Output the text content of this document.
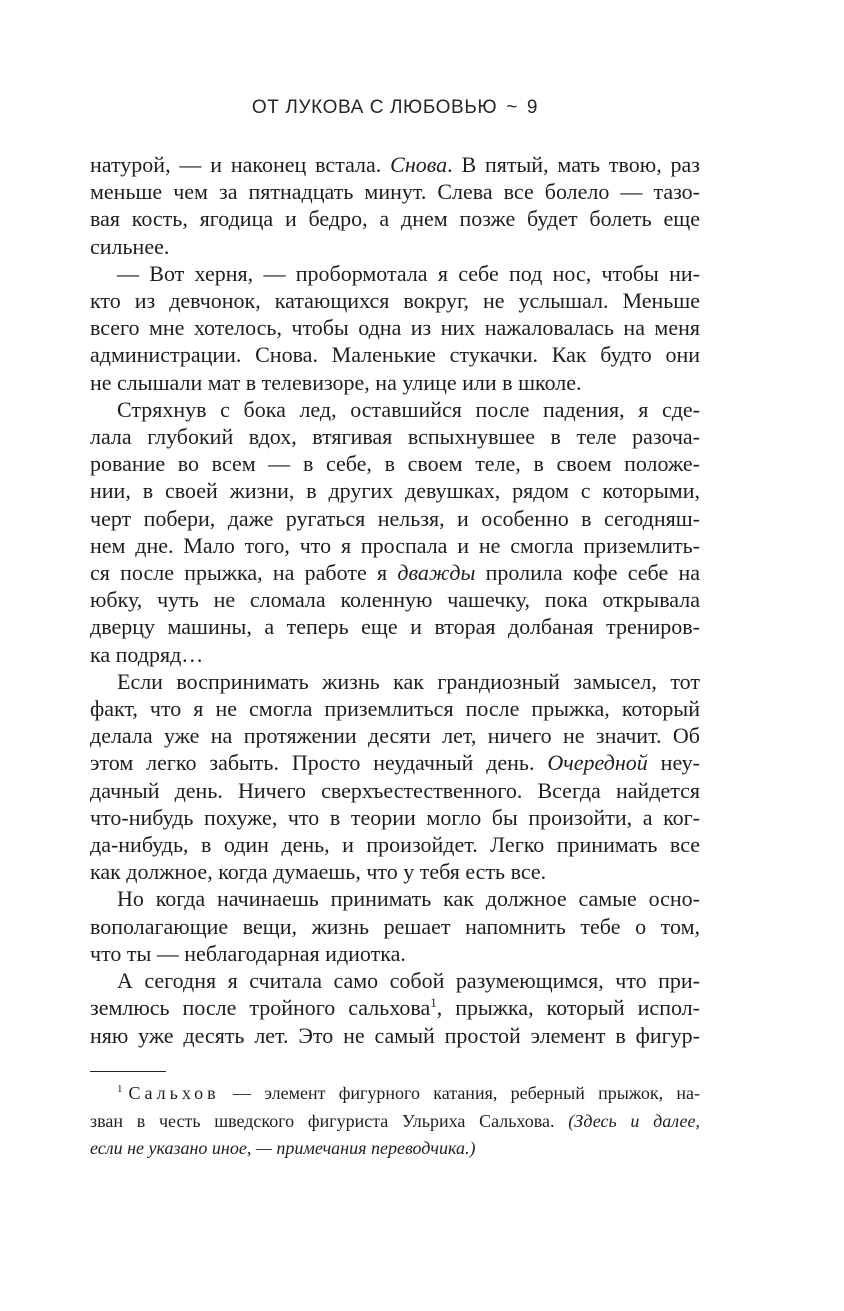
ОТ ЛУКОВА С ЛЮБОВЬЮ ~ 9
натурой, — и наконец встала. Снова. В пятый, мать твою, раз
меньше чем за пятнадцать минут. Слева все болело — тазо-
вая кость, ягодица и бедро, а днем позже будет болеть еще
сильнее.
— Вот херня, — пробормотала я себе под нос, чтобы ни-
кто из девчонок, катающихся вокруг, не услышал. Меньше
всего мне хотелось, чтобы одна из них нажаловалась на меня
администрации. Снова. Маленькие стукачки. Как будто они
не слышали мат в телевизоре, на улице или в школе.
Стряхнув с бока лед, оставшийся после падения, я сде-
лала глубокий вдох, втягивая вспыхнувшее в теле разоча-
рование во всем — в себе, в своем теле, в своем положе-
нии, в своей жизни, в других девушках, рядом с которыми,
черт побери, даже ругаться нельзя, и особенно в сегодняш-
нем дне. Мало того, что я проспала и не смогла приземлить-
ся после прыжка, на работе я дважды пролила кофе себе на
юбку, чуть не сломала коленную чашечку, пока открывала
дверцу машины, а теперь еще и вторая долбаная трениров-
ка подряд…
Если воспринимать жизнь как грандиозный замысел, тот
факт, что я не смогла приземлиться после прыжка, который
делала уже на протяжении десяти лет, ничего не значит. Об
этом легко забыть. Просто неудачный день. Очередной неу-
дачный день. Ничего сверхъестественного. Всегда найдется
что-нибудь похуже, что в теории могло бы произойти, а ког-
да-нибудь, в один день, и произойдет. Легко принимать все
как должное, когда думаешь, что у тебя есть все.
Но когда начинаешь принимать как должное самые осно-
вополагающие вещи, жизнь решает напомнить тебе о том,
что ты — неблагодарная идиотка.
А сегодня я считала само собой разумеющимся, что при-
землюсь после тройного сальхова$^1$, прыжка, который испол-
няю уже десять лет. Это не самый простой элемент в фигур-
$^1$ Сальхов — элемент фигурного катания, реберный прыжок, на-
зван в честь шведского фигуриста Ульриха Сальхова. (Здесь и далее,
если не указано иное, — примечания переводчика.)
